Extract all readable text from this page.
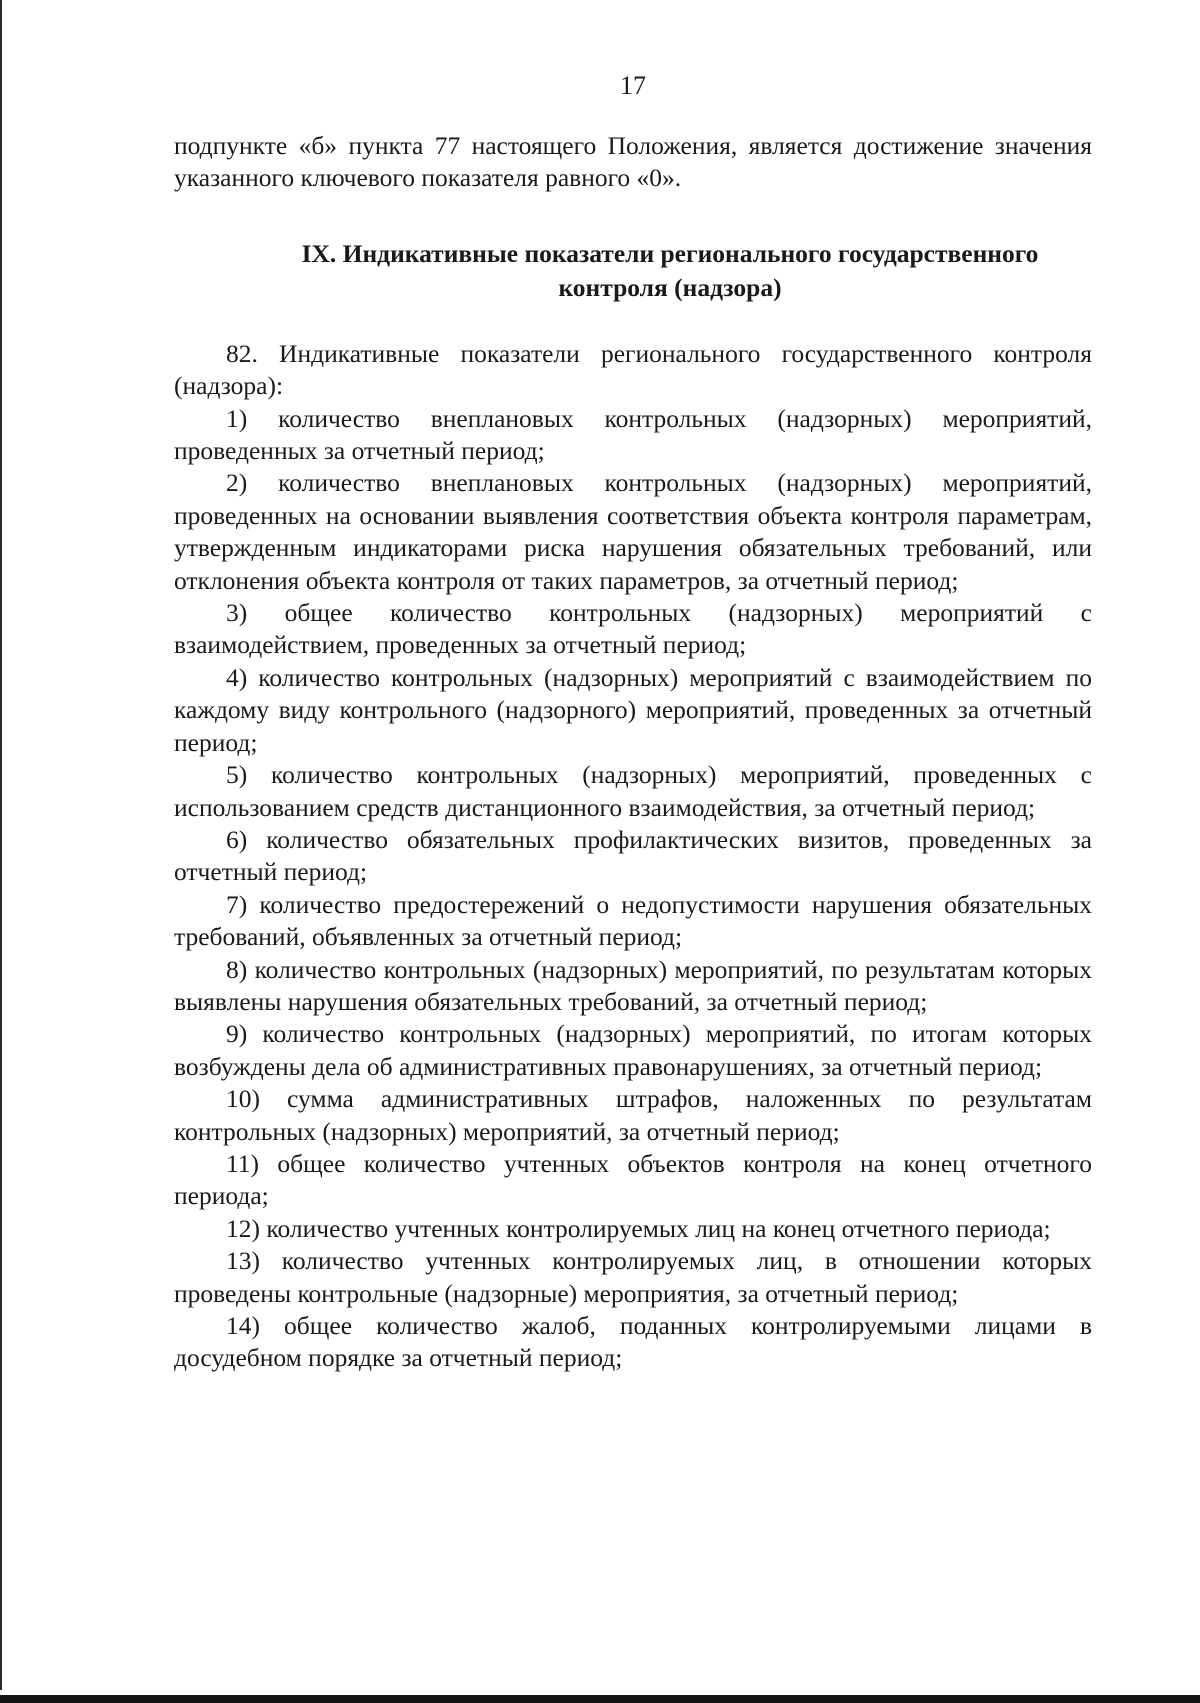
17

подпункте «б» пункта 77 настоящего Положения, является достижение значения указанного ключевого показателя равного «0».

IX. Индикативные показатели регионального государственного контроля (надзора)

82. Индикативные показатели регионального государственного контроля (надзора):

1) количество внеплановых контрольных (надзорных) мероприятий, проведенных за отчетный период;

2) количество внеплановых контрольных (надзорных) мероприятий, проведенных на основании выявления соответствия объекта контроля параметрам, утвержденным индикаторами риска нарушения обязательных требований, или отклонения объекта контроля от таких параметров, за отчетный период;

3) общее количество контрольных (надзорных) мероприятий с взаимодействием, проведенных за отчетный период;

4) количество контрольных (надзорных) мероприятий с взаимодействием по каждому виду контрольного (надзорного) мероприятий, проведенных за отчетный период;

5) количество контрольных (надзорных) мероприятий, проведенных с использованием средств дистанционного взаимодействия, за отчетный период;

6) количество обязательных профилактических визитов, проведенных за отчетный период;

7) количество предостережений о недопустимости нарушения обязательных требований, объявленных за отчетный период;

8) количество контрольных (надзорных) мероприятий, по результатам которых выявлены нарушения обязательных требований, за отчетный период;

9) количество контрольных (надзорных) мероприятий, по итогам которых возбуждены дела об административных правонарушениях, за отчетный период;

10) сумма административных штрафов, наложенных по результатам контрольных (надзорных) мероприятий, за отчетный период;

11) общее количество учтенных объектов контроля на конец отчетного периода;

12) количество учтенных контролируемых лиц на конец отчетного периода;

13) количество учтенных контролируемых лиц, в отношении которых проведены контрольные (надзорные) мероприятия, за отчетный период;

14) общее количество жалоб, поданных контролируемыми лицами в досудебном порядке за отчетный период;
